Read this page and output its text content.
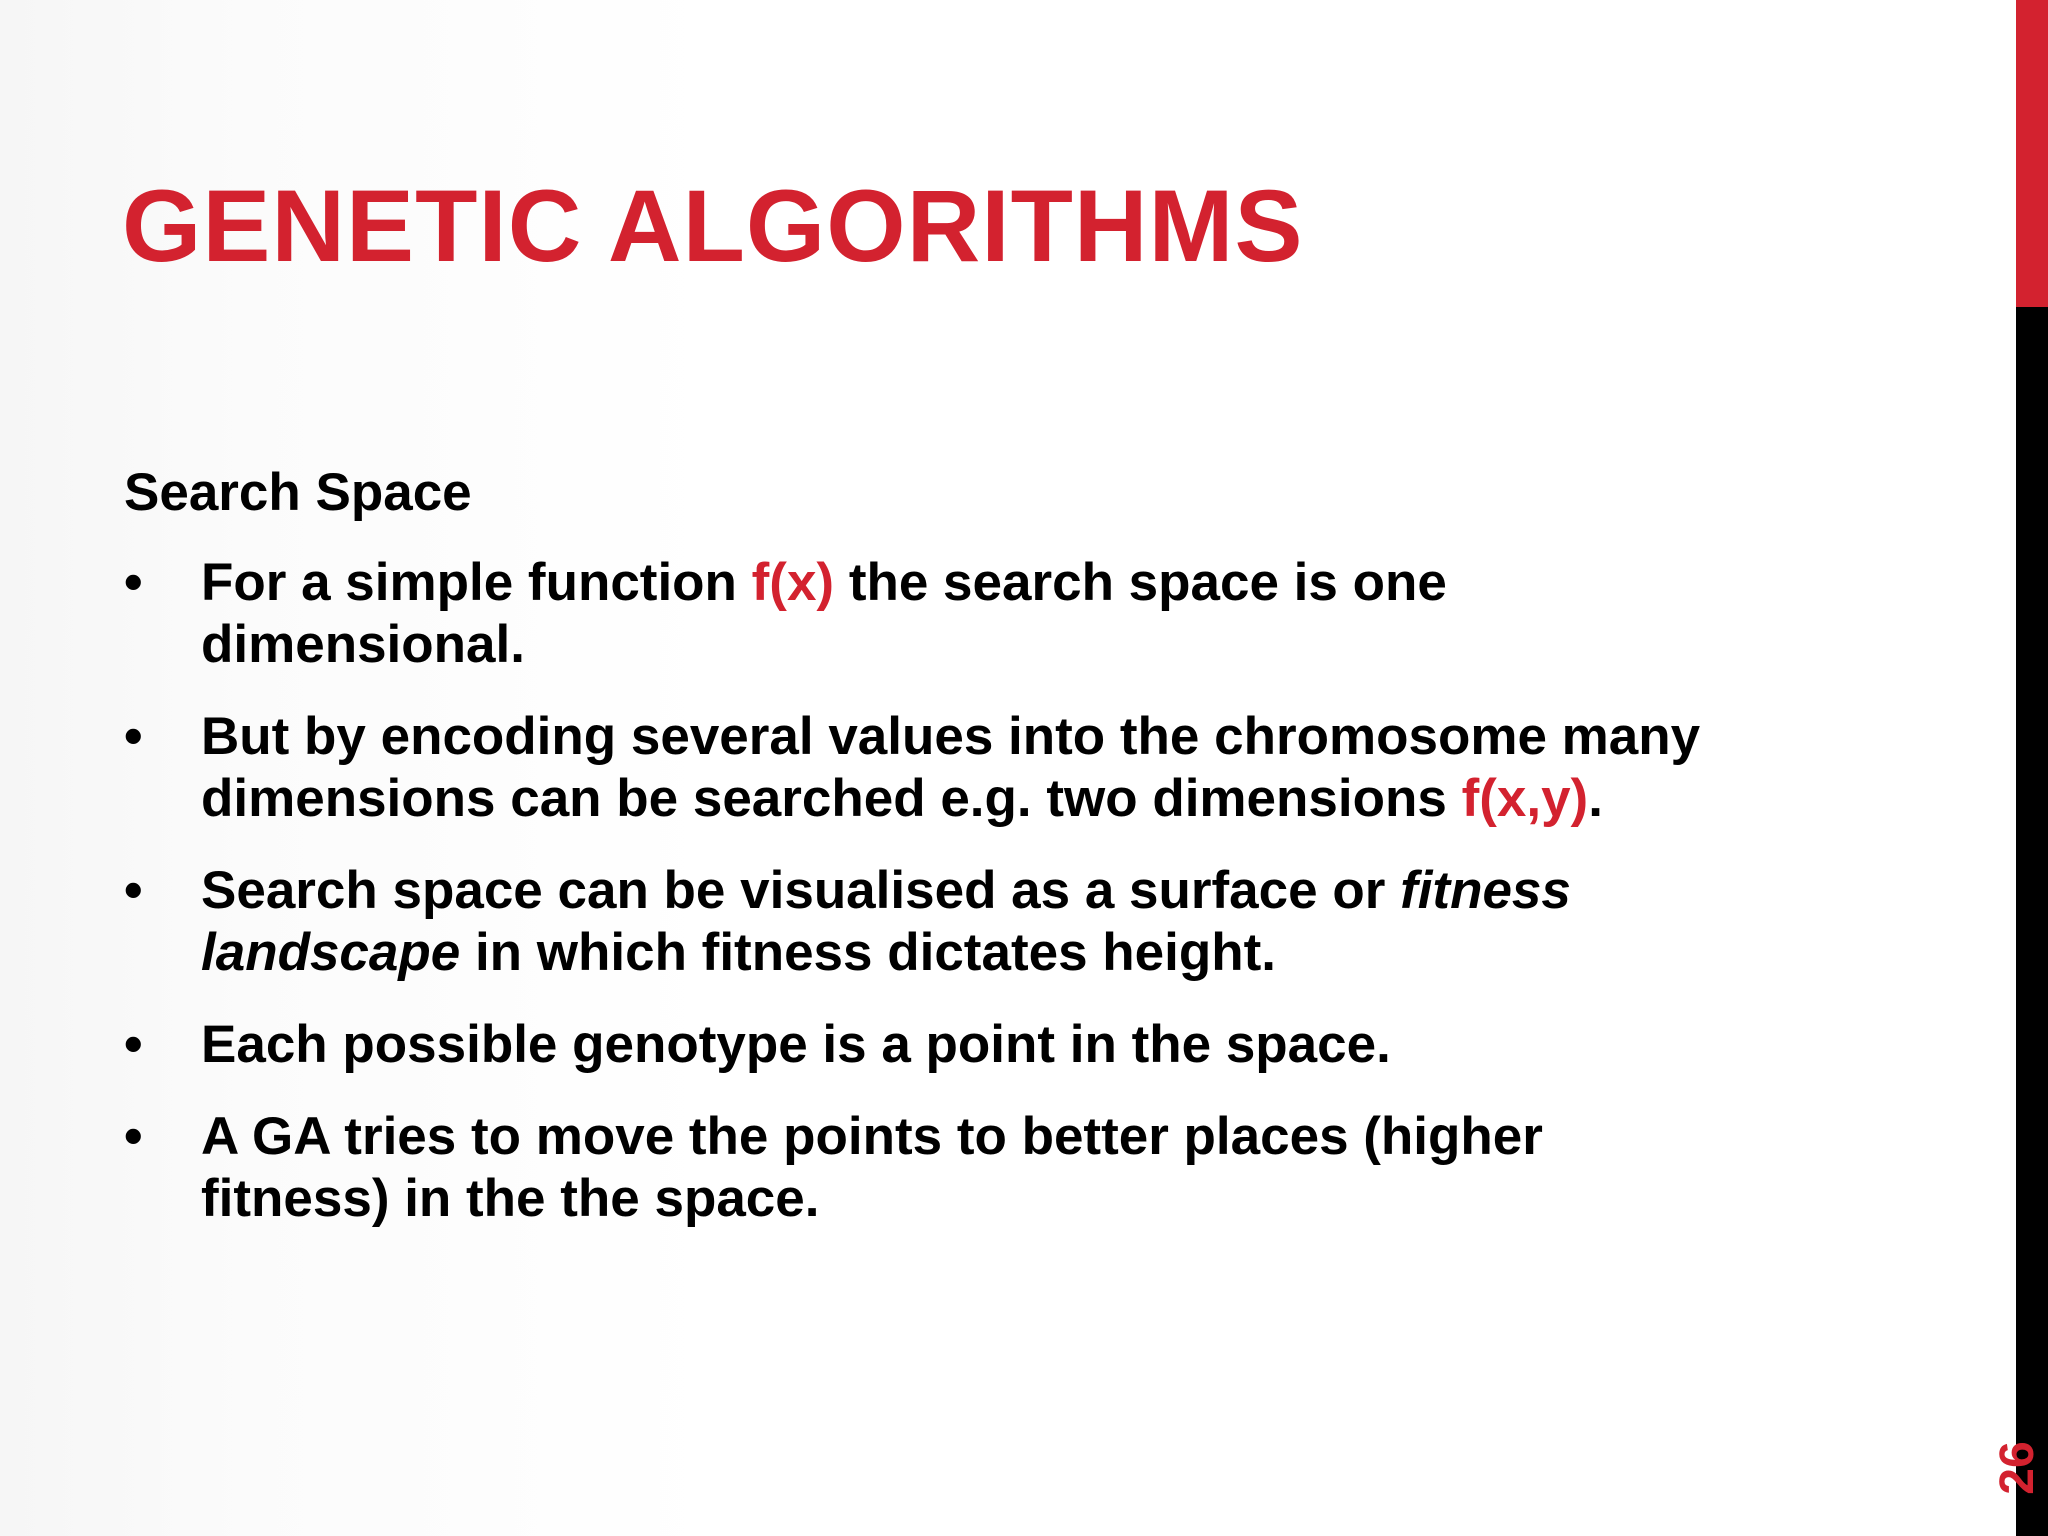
GENETIC ALGORITHMS
Search Space
•	For a simple function f(x) the search space is one dimensional.
•	But by encoding several values into the chromosome many dimensions can be searched e.g. two dimensions f(x,y).
•	Search space can be visualised as a surface or fitness landscape in which fitness dictates height.
•	Each possible genotype is a point in the space.
•	A GA tries to move the points to better places (higher fitness) in the the space.
26
